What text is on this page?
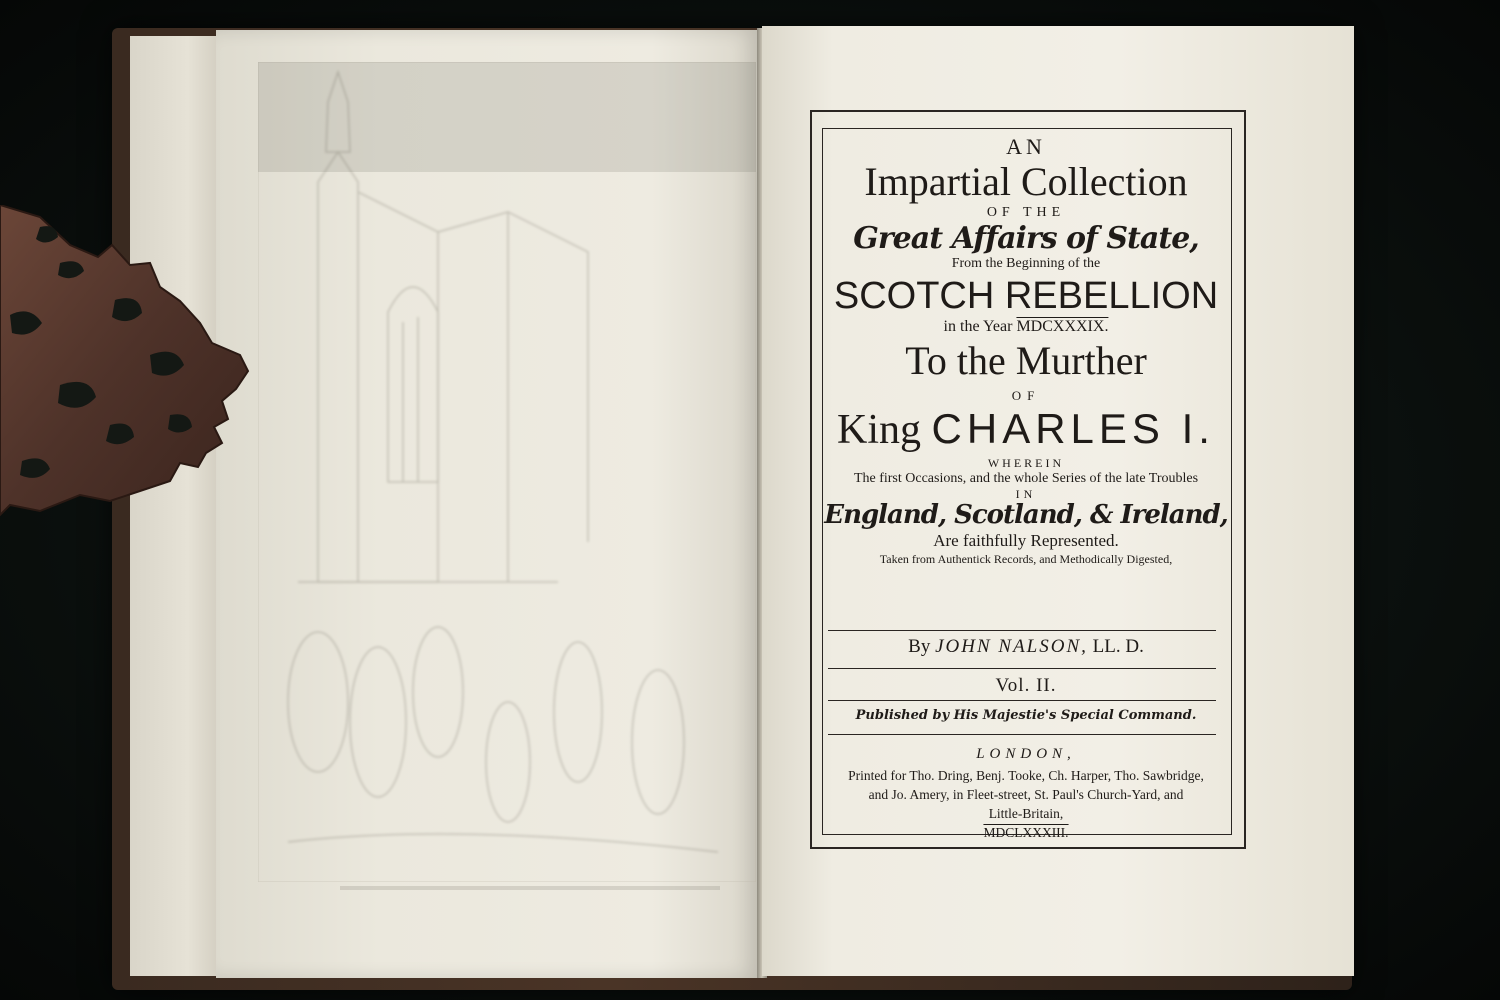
AN
Impartial Collection
OF THE
Great Affairs of State,
From the Beginning of the
SCOTCH REBELLION
in the Year MDCXXXIX.
To the Murther
OF
King CHARLES I.
WHEREIN
The first Occasions, and the whole Series of the late Troubles
IN
England, Scotland, & Ireland,
Are faithfully Represented.
Taken from Authentick Records, and Methodically Digested,
By JOHN NALSON, LL. D.
Vol. II.
Published by His Majestie's Special Command.
LONDON,
Printed for Tho. Dring, Benj. Tooke, Ch. Harper, Tho. Sawbridge,
and Jo. Amery, in Fleet-street, St. Paul's Church-Yard, and
Little-Britain,
MDCLXXXIII.
